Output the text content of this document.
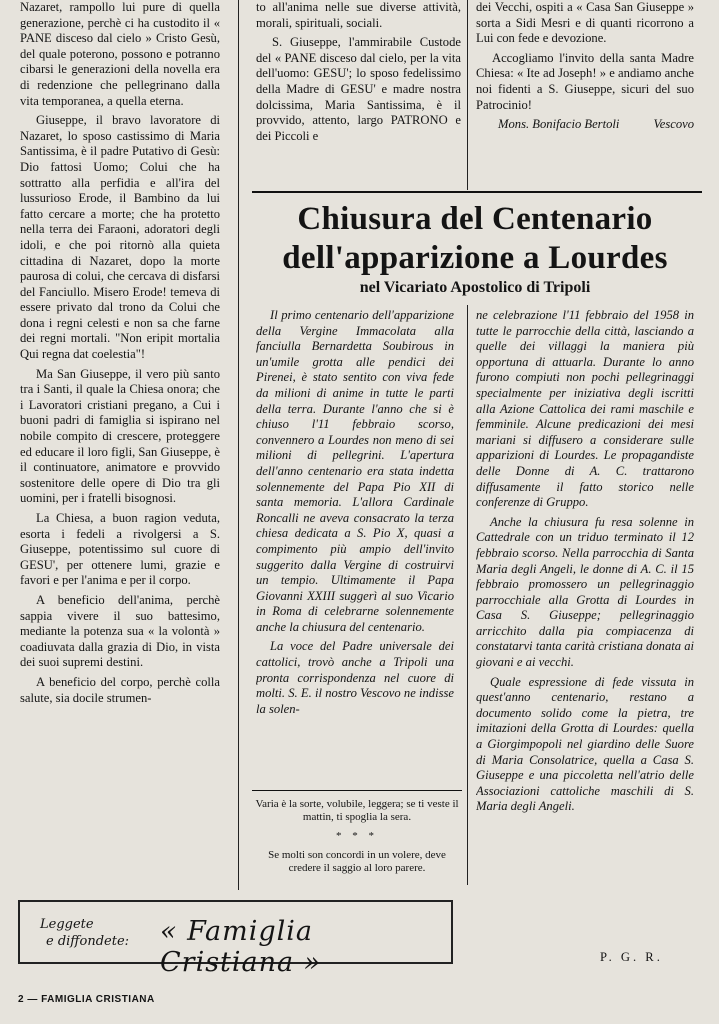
Nazaret, rampollo lui pure di quella generazione, perchè ci ha custodito il « PANE disceso dal cielo » Cristo Gesù, del quale poterono, possono e potranno cibarsi le generazioni della novella era di redenzione che pellegrinano dalla vita temporanea, a quella eterna.

Giuseppe, il bravo lavoratore di Nazaret, lo sposo castissimo di Maria Santissima, è il padre Putativo di Gesù: Dio fattosi Uomo; Colui che ha sottratto alla perfidia e all'ira del lussurioso Erode, il Bambino da lui fatto cercare a morte; che ha protetto nella terra dei Faraoni, adoratori degli idoli, e che poi ritornò alla quieta cittadina di Nazaret, dopo la morte paurosa di colui, che cercava di disfarsi del Fanciullo. Misero Erode! temeva di essere privato dal trono da Colui che dona i regni celesti e non sa che farne dei regni mortali. "Non eripit mortalia Qui regna dat coelestia"!

Ma San Giuseppe, il vero più santo tra i Santi, il quale la Chiesa onora; che i Lavoratori cristiani pregano, a Cui i buoni padri di famiglia si ispirano nel nobile compito di crescere, proteggere ed educare il loro figli, San Giuseppe, è il continuatore, animatore e provvido sostenitore delle opere di Dio tra gli uomini, per i fratelli bisognosi.

La Chiesa, a buon ragion veduta, esorta i fedeli a rivolgersi a S. Giuseppe, potentissimo sul cuore di GESU', per ottenere lumi, grazie e favori e per l'anima e per il corpo.

A beneficio dell'anima, perchè sappia vivere il suo battesimo, mediante la potenza sua « la volontà » coadiuvata dalla grazia di Dio, in vista dei suoi supremi destini.

A beneficio del corpo, perchè colla salute, sia docile strumen-

to all'anima nelle sue diverse attività, morali, spirituali, sociali.

S. Giuseppe, l'ammirabile Custode del « PANE disceso dal cielo, per la vita dell'uomo: GESU'; lo sposo fedelissimo della Madre di GESU' e madre nostra dolcissima, Maria Santissima, è il provvido, attento, largo PATRONO e dei Piccoli e

dei Vecchi, ospiti a « Casa San Giuseppe » sorta a Sidi Mesri e di quanti ricorrono a Lui con fede e devozione.

Accogliamo l'invito della santa Madre Chiesa: « Ite ad Joseph! » e andiamo anche noi fidenti a S. Giuseppe, sicuri del suo Patrocinio!

Mons. Bonifacio Bertoli	Vescovo
Chiusura del Centenario dell'apparizione a Lourdes
nel Vicariato Apostolico di Tripoli

Il primo centenario dell'apparizione della Vergine Immacolata alla fanciulla Bernardetta Soubirous in un'umile grotta alle pendici dei Pirenei, è stato sentito con viva fede da milioni di anime in tutte le parti della terra. Durante l'anno che si è chiuso l'11 febbraio scorso, convennero a Lourdes non meno di sei milioni di pellegrini. L'apertura dell'anno centenario era stata indetta solennemente del Papa Pio XII di santa memoria. L'allora Cardinale Roncalli ne aveva consacrato la terza chiesa dedicata a S. Pio X, quasi a compimento più ampio dell'invito suggerito dalla Vergine di costruirvi un tempio. Ultimamente il Papa Giovanni XXIII suggerì al suo Vicario in Roma di celebrarne solennemente anche la chiusura del centenario.

La voce del Padre universale dei cattolici, trovò anche a Tripoli una pronta corrispondenza nel cuore di molti. S. E. il nostro Vescovo ne indisse la solen-

ne celebrazione l'11 febbraio del 1958 in tutte le parrocchie della città, lasciando a quelle dei villaggi la maniera più opportuna di attuarla. Durante lo anno furono compiuti non pochi pellegrinaggi specialmente per iniziativa degli iscritti alla Azione Cattolica dei rami maschile e femminile. Alcune predicazioni dei mesi mariani si diffusero a considerare sulle apparizioni di Lourdes. Le propagandiste delle Donne di A. C. trattarono diffusamente il fatto storico nelle conferenze di Gruppo.

Anche la chiusura fu resa solenne in Cattedrale con un triduo terminato il 12 febbraio scorso. Nella parrocchia di Santa Maria degli Angeli, le donne di A. C. il 15 febbraio promossero un pellegrinaggio parrocchiale alla Grotta di Lourdes in Casa S. Giuseppe; pellegrinaggio arricchito dalla pia compiacenza di constatarvi tanta carità cristiana donata ai giovani e ai vecchi.

Quale espressione di fede vissuta in quest'anno centenario, restano a documento solido come la pietra, tre imitazioni della Grotta di Lourdes: quella a Giorgimpopoli nel giardino delle Suore di Maria Consolatrice, quella a Casa S. Giuseppe e una piccoletta nell'atrio delle Associazioni cattoliche maschili di S. Maria degli Angeli.

Varia è la sorte, volubile, leggera; se ti veste il mattin, ti spoglia la sera.

* * *

Se molti son concordi in un volere, deve credere il saggio al loro parere.

Leggete
e diffondete: « Famiglia Cristiana »	P. G. R.
2 — FAMIGLIA CRISTIANA
